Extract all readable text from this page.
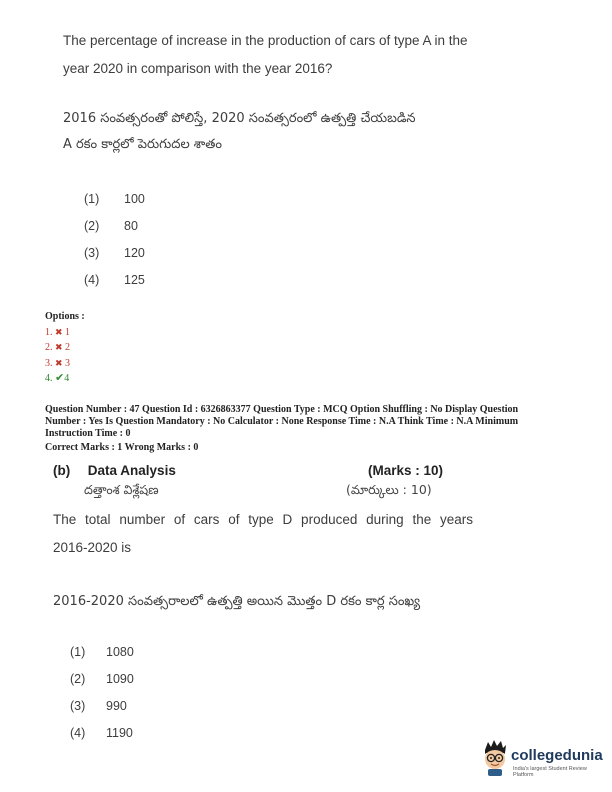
The percentage of increase in the production of cars of type A in the
year 2020 in comparison with the year 2016?
2016 సంవత్సరంతో పోలిస్తే, 2020 సంవత్సరంలో ఉత్పత్తి చేయబడిన
A రకం కార్లలో పెరుగుదల శాతం
(1) 100
(2) 80
(3) 120
(4) 125
Options :
1. ✖ 1
2. ✖ 2
3. ✖ 3
4. ✔4
Question Number : 47 Question Id : 6326863377 Question Type : MCQ Option Shuffling : No Display Question
Number : Yes Is Question Mandatory : No Calculator : None Response Time : N.A Think Time : N.A Minimum
Instruction Time : 0
Correct Marks : 1 Wrong Marks : 0
(b) Data Analysis
దత్తాంశ విశ్లేషణ
(Marks : 10)
(మార్కులు : 10)
The total number of cars of type D produced during the years
2016-2020 is
2016-2020 సంవత్సరాలలో ఉత్పత్తి అయిన మొత్తం D రకం కార్ల సంఖ్య
(1) 1080
(2) 1090
(3) 990
(4) 1190
collegedunia
India's largest Student Review Platform
